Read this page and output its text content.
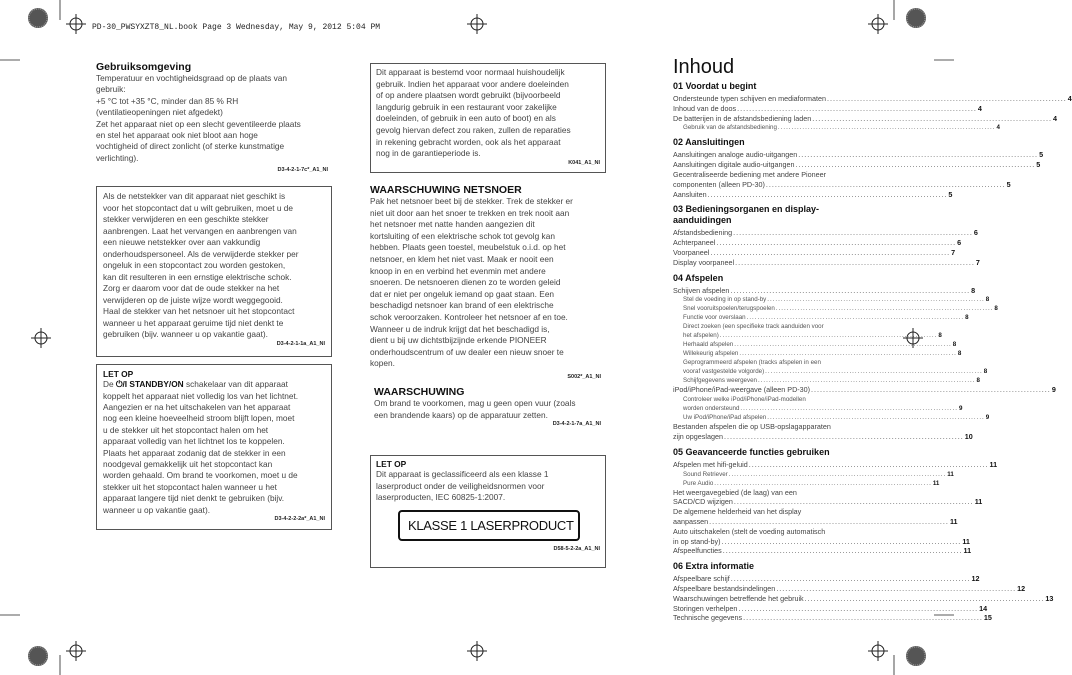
PD-30_PWSYXZT8_NL.book Page 3 Wednesday, May 9, 2012 5:04 PM
Gebruiksomgeving

Temperatuur en vochtigheidsgraad op de plaats van

gebruik:

+5 °C tot +35 °C, minder dan 85 % RH

(ventilatieopeningen niet afgedekt)

Zet het apparaat niet op een slecht geventileerde plaats

en stel het apparaat ook niet bloot aan hoge

vochtigheid of direct zonlicht (of sterke kunstmatige

verlichting).

D3-4-2-1-7c*_A1_Nl

Als de netstekker van dit apparaat niet geschikt is

voor het stopcontact dat u wilt gebruiken, moet u de

stekker verwijderen en een geschikte stekker

aanbrengen. Laat het vervangen en aanbrengen van

een nieuwe netstekker over aan vakkundig

onderhoudspersoneel. Als de verwijderde stekker per

ongeluk in een stopcontact zou worden gestoken,

kan dit resulteren in een ernstige elektrische schok.

Zorg er daarom voor dat de oude stekker na het

verwijderen op de juiste wijze wordt weggegooid.

Haal de stekker van het netsnoer uit het stopcontact

wanneer u het apparaat geruime tijd niet denkt te

gebruiken (bijv. wanneer u op vakantie gaat).

D3-4-2-1-1a_A1_Nl
LET OP

De ⏻/I STANDBY/ON schakelaar van dit apparaat

koppelt het apparaat niet volledig los van het lichtnet.

Aangezien er na het uitschakelen van het apparaat

nog een kleine hoeveelheid stroom blijft lopen, moet

u de stekker uit het stopcontact halen om het

apparaat volledig van het lichtnet los te koppelen.

Plaats het apparaat zodanig dat de stekker in een

noodgeval gemakkelijk uit het stopcontact kan

worden gehaald. Om brand te voorkomen, moet u de

stekker uit het stopcontact halen wanneer u het

apparaat langere tijd niet denkt te gebruiken (bijv.

wanneer u op vakantie gaat).

D3-4-2-2-2a*_A1_Nl

Dit apparaat is bestemd voor normaal huishoudelijk

gebruik. Indien het apparaat voor andere doeleinden

of op andere plaatsen wordt gebruikt (bijvoorbeeld

langdurig gebruik in een restaurant voor zakelijke

doeleinden, of gebruik in een auto of boot) en als

gevolg hiervan defect zou raken, zullen de reparaties

in rekening gebracht worden, ook als het apparaat

nog in de garantieperiode is.

K041_A1_Nl
WAARSCHUWING NETSNOER

Pak het netsnoer beet bij de stekker. Trek de stekker er

niet uit door aan het snoer te trekken en trek nooit aan

het netsnoer met natte handen aangezien dit

kortsluiting of een elektrische schok tot gevolg kan

hebben. Plaats geen toestel, meubelstuk o.i.d. op het

netsnoer, en klem het niet vast. Maak er nooit een

knoop in en en verbind het evenmin met andere

snoeren. De netsnoeren dienen zo te worden geleid

dat er niet per ongeluk iemand op gaat staan. Een

beschadigd netsnoer kan brand of een elektrische

schok veroorzaken. Kontroleer het netsnoer af en toe.

Wanneer u de indruk krijgt dat het beschadigd is,

dient u bij uw dichtstbijzijnde erkende PIONEER

onderhoudscentrum of uw dealer een nieuw snoer te

kopen.

S002*_A1_Nl
WAARSCHUWING

Om brand te voorkomen, mag u geen open vuur (zoals

een brandende kaars) op de apparatuur zetten.

D3-4-2-1-7a_A1_Nl
LET OP

Dit apparaat is geclassificeerd als een klasse 1

laserproduct onder de veiligheidsnormen voor

laserproducten, IEC 60825-1:2007.

KLASSE 1 LASERPRODUCT
D58-5-2-2a_A1_Nl
Inhoud
01 Voordat u begint
Ondersteunde typen schijven en mediaformaten ................................................................................ 4
Inhoud van de doos ................................................................................ 4
De batterijen in de afstandsbediening laden ................................................................................ 4
Gebruik van de afstandsbediening ................................................................................ 4
02 Aansluitingen
Aansluitingen analoge audio-uitgangen ................................................................................ 5
Aansluitingen digitale audio-uitgangen ................................................................................ 5
Gecentraliseerde bediening met andere Pioneer
componenten (alleen PD-30) ................................................................................ 5
Aansluiten ................................................................................ 5
03 Bedieningsorganen en display-aanduidingen
Afstandsbediening ................................................................................ 6
Achterpaneel ................................................................................ 6
Voorpaneel ................................................................................ 7
Display voorpaneel ................................................................................ 7
04 Afspelen
Schijven afspelen ................................................................................ 8
Stel de voeding in op stand-by ................................................................................ 8
Snel vooruitspoelen/terugspoelen ................................................................................ 8
Functie voor overslaan ................................................................................ 8
Direct zoeken (een specifieke track aanduiden voor
het afspelen) ................................................................................ 8
Herhaald afspelen ................................................................................ 8
Willekeurig afspelen ................................................................................ 8
Geprogrammeerd afspelen (tracks afspelen in een
vooraf vastgestelde volgorde) ................................................................................ 8
Schijfgegevens weergeven ................................................................................ 8
iPod/iPhone/iPad-weergave (alleen PD-30) ................................................................................ 9
Controleer welke iPod/iPhone/iPad-modellen
worden ondersteund ................................................................................ 9
Uw iPod/iPhone/iPad afspelen ................................................................................ 9
Bestanden afspelen die op USB-opslagapparaten
zijn opgeslagen ................................................................................ 10
05 Geavanceerde functies gebruiken
Afspelen met hifi-geluid ................................................................................ 11
Sound Retriever ................................................................................ 11
Pure Audio ................................................................................ 11
Het weergavegebied (de laag) van een
SACD/CD wijzigen ................................................................................ 11
De algemene helderheid van het display
aanpassen ................................................................................ 11
Auto uitschakelen (stelt de voeding automatisch
in op stand-by) ................................................................................ 11
Afspeelfuncties ................................................................................ 11
06 Extra informatie
Afspeelbare schijf ................................................................................ 12
Afspeelbare bestandsindelingen ................................................................................ 12
Waarschuwingen betreffende het gebruik ................................................................................ 13
Storingen verhelpen ................................................................................ 14
Technische gegevens ................................................................................ 15
